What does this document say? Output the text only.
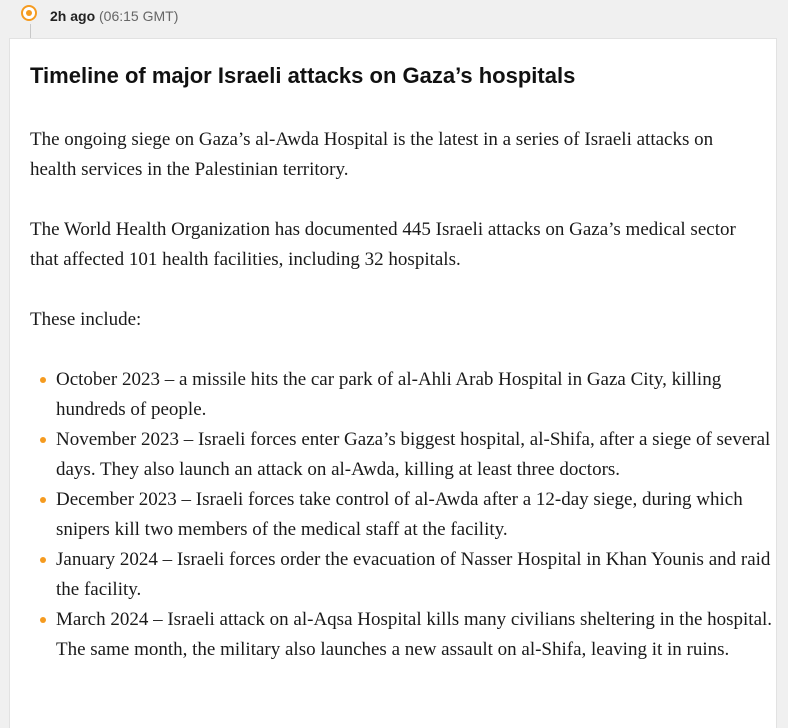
2h ago (06:15 GMT)
Timeline of major Israeli attacks on Gaza’s hospitals

The ongoing siege on Gaza’s al-Awda Hospital is the latest in a series of Israeli attacks on health services in the Palestinian territory.

The World Health Organization has documented 445 Israeli attacks on Gaza’s medical sector that affected 101 health facilities, including 32 hospitals.

These include:

October 2023 – a missile hits the car park of al-Ahli Arab Hospital in Gaza City, killing hundreds of people.
November 2023 – Israeli forces enter Gaza’s biggest hospital, al-Shifa, after a siege of several days. They also launch an attack on al-Awda, killing at least three doctors.
December 2023 – Israeli forces take control of al-Awda after a 12-day siege, during which snipers kill two members of the medical staff at the facility.
January 2024 – Israeli forces order the evacuation of Nasser Hospital in Khan Younis and raid the facility.
March 2024 – Israeli attack on al-Aqsa Hospital kills many civilians sheltering in the hospital. The same month, the military also launches a new assault on al-Shifa, leaving it in ruins.
